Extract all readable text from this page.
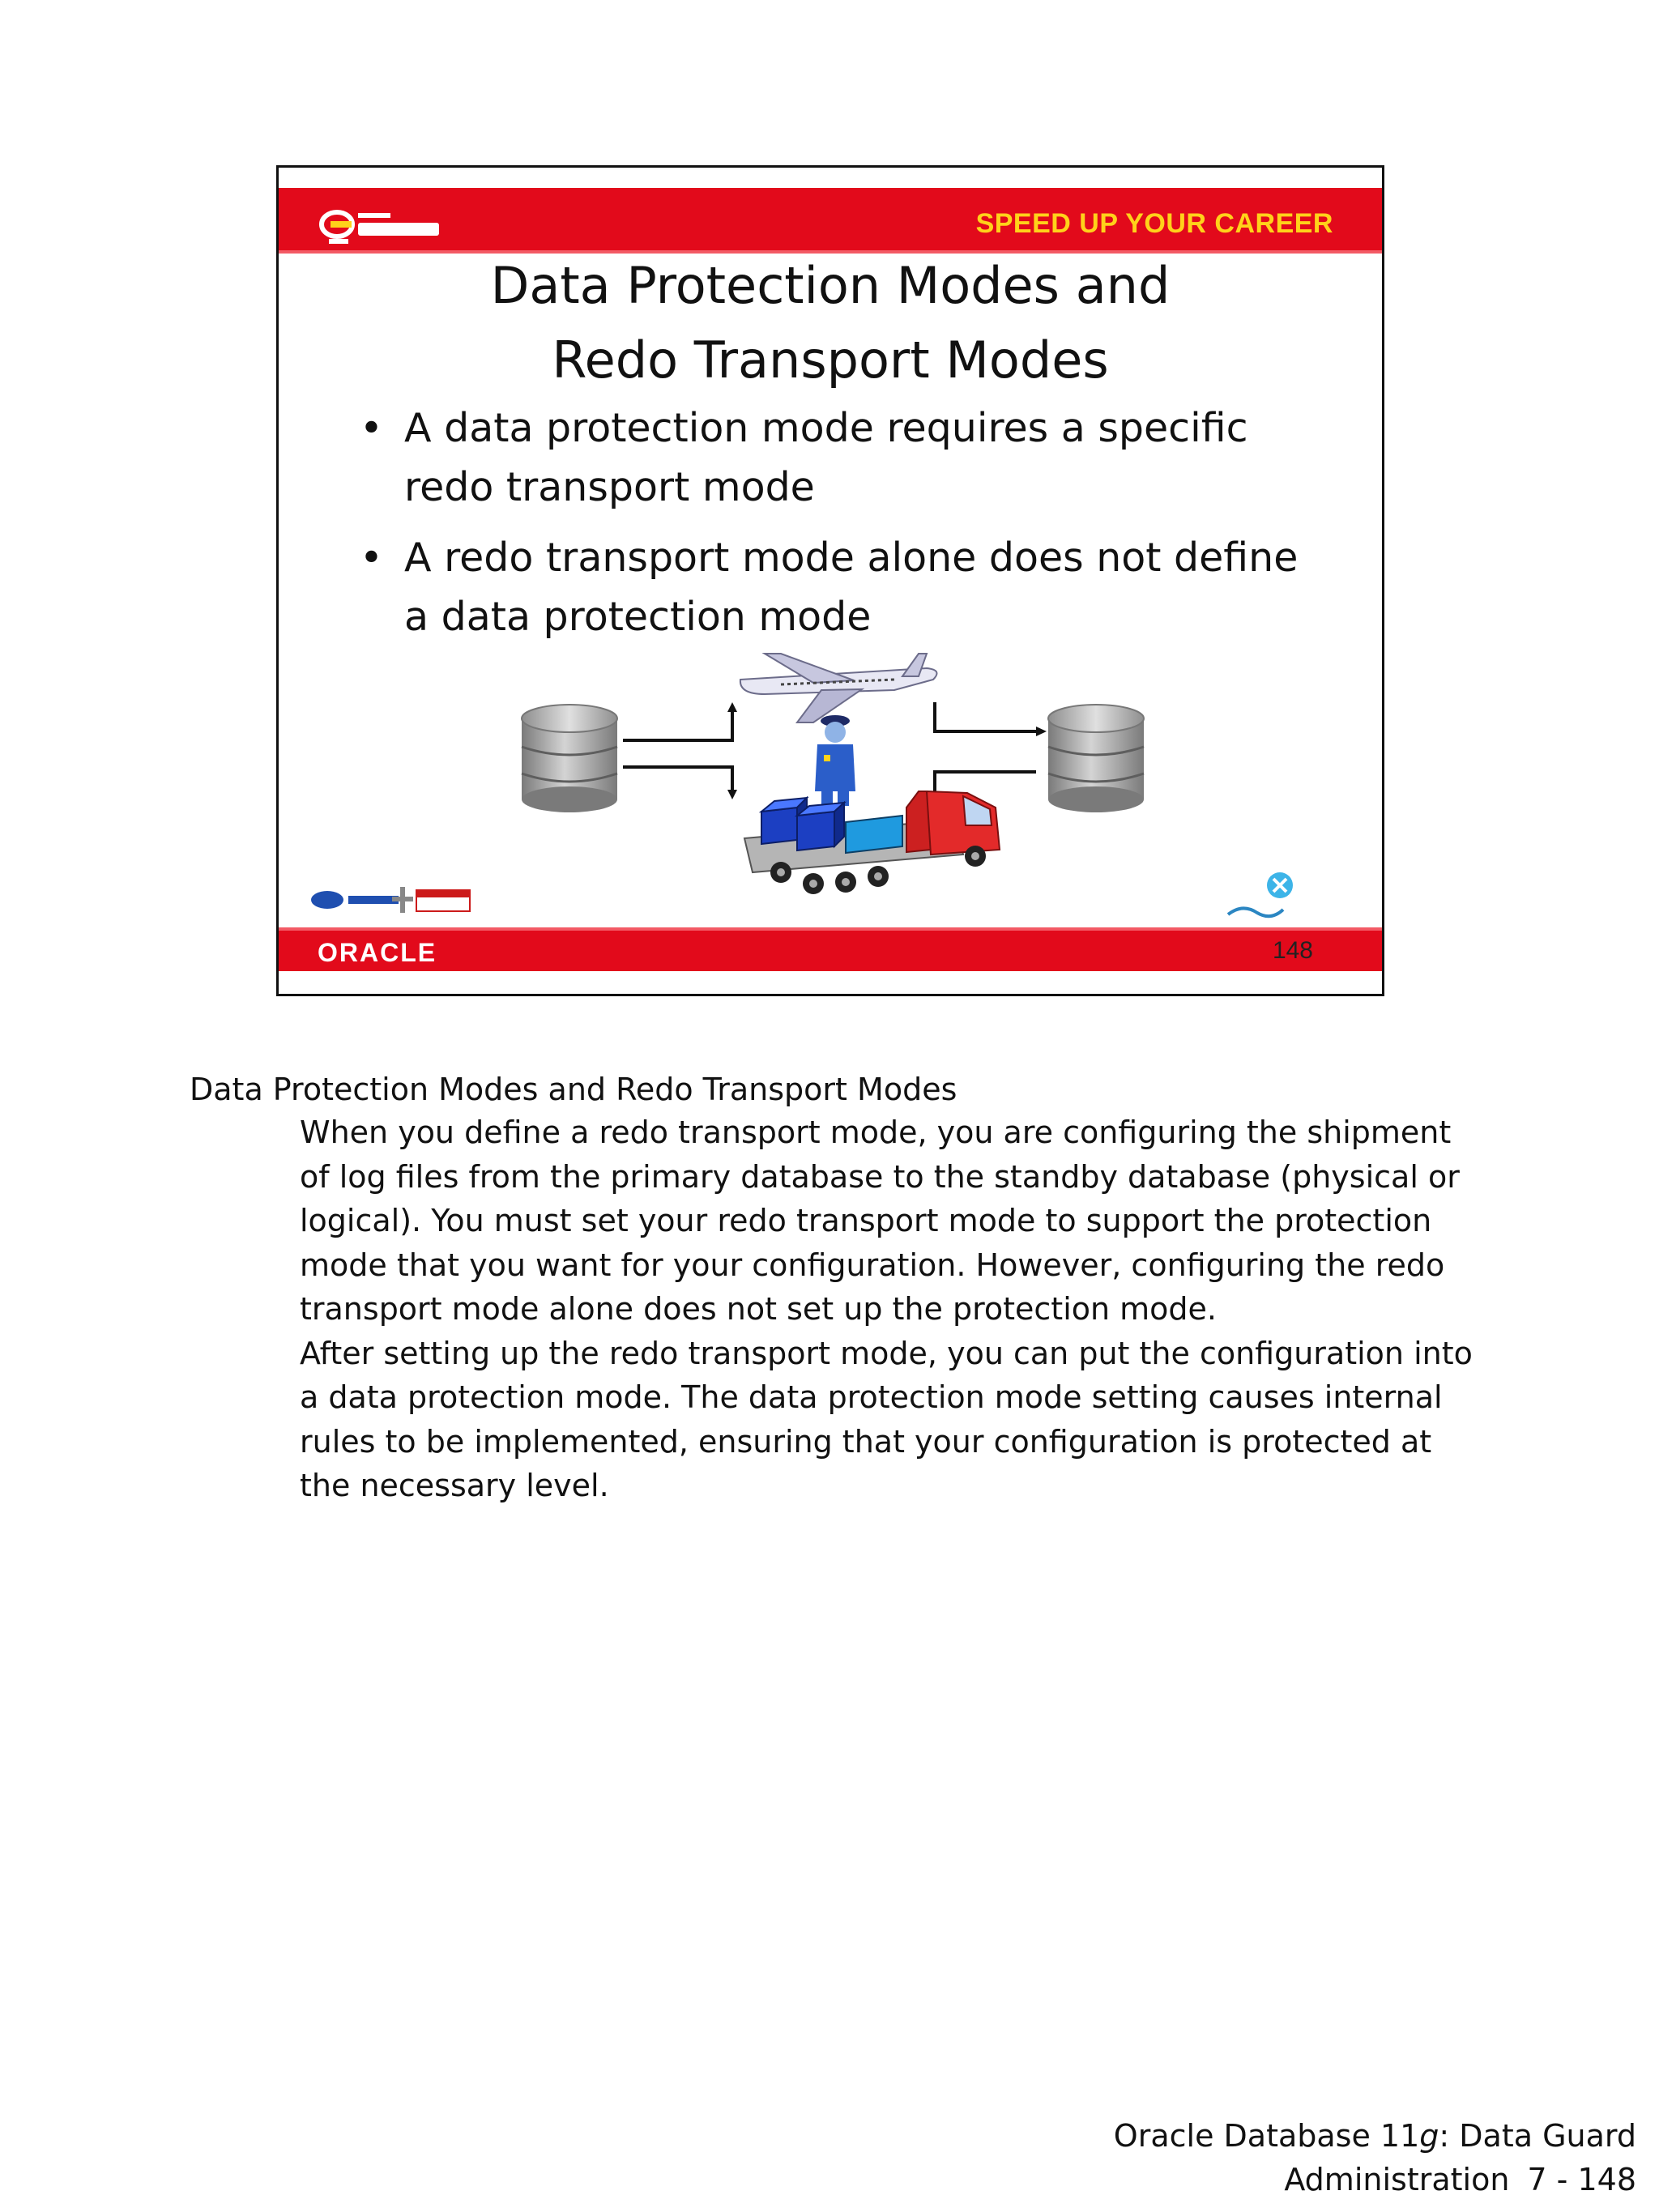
SPEED UP YOUR CAREER
Data Protection Modes and
Redo Transport Modes
• A data protection mode requires a specific redo transport mode
• A redo transport mode alone does not define a data protection mode
ORACLE	148
Data Protection Modes and Redo Transport Modes

When you define a redo transport mode, you are configuring the shipment of log files from the primary database to the standby database (physical or logical). You must set your redo transport mode to support the protection mode that you want for your configuration. However, configuring the redo transport mode alone does not set up the protection mode.

After setting up the redo transport mode, you can put the configuration into a data protection mode. The data protection mode setting causes internal rules to be implemented, ensuring that your configuration is protected at the necessary level.

Oracle Database 11g: Data Guard
Administration 7 - 148
